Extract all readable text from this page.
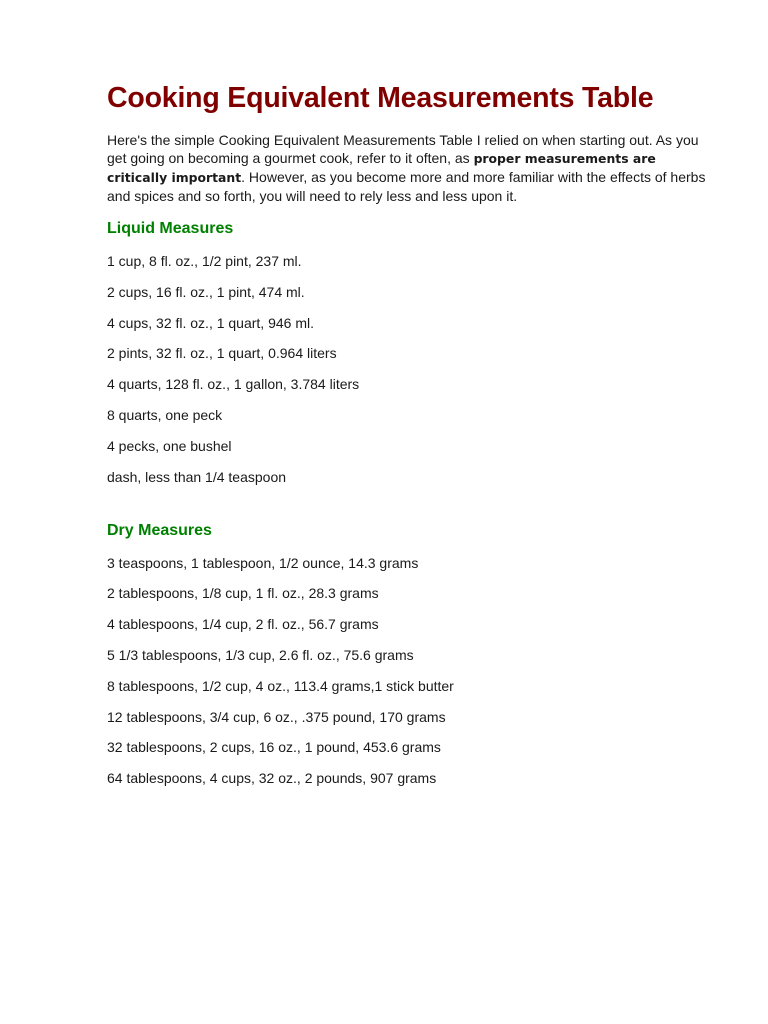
Cooking Equivalent Measurements Table

Here's the simple Cooking Equivalent Measurements Table I relied on when starting out. As you get going on becoming a gourmet cook, refer to it often, as proper measurements are critically important. However, as you become more and more familiar with the effects of herbs and spices and so forth, you will need to rely less and less upon it.

Liquid Measures
1 cup, 8 fl. oz., 1/2 pint, 237 ml.
2 cups, 16 fl. oz., 1 pint, 474 ml.
4 cups, 32 fl. oz., 1 quart, 946 ml.
2 pints, 32 fl. oz., 1 quart, 0.964 liters
4 quarts, 128 fl. oz., 1 gallon, 3.784 liters
8 quarts, one peck
4 pecks, one bushel
dash, less than 1/4 teaspoon
Dry Measures
3 teaspoons, 1 tablespoon, 1/2 ounce, 14.3 grams
2 tablespoons, 1/8 cup, 1 fl. oz., 28.3 grams
4 tablespoons, 1/4 cup, 2 fl. oz., 56.7 grams
5 1/3 tablespoons, 1/3 cup, 2.6 fl. oz., 75.6 grams
8 tablespoons, 1/2 cup, 4 oz., 113.4 grams,1 stick butter
12 tablespoons, 3/4 cup, 6 oz., .375 pound, 170 grams
32 tablespoons, 2 cups, 16 oz., 1 pound, 453.6 grams
64 tablespoons, 4 cups, 32 oz., 2 pounds, 907 grams
